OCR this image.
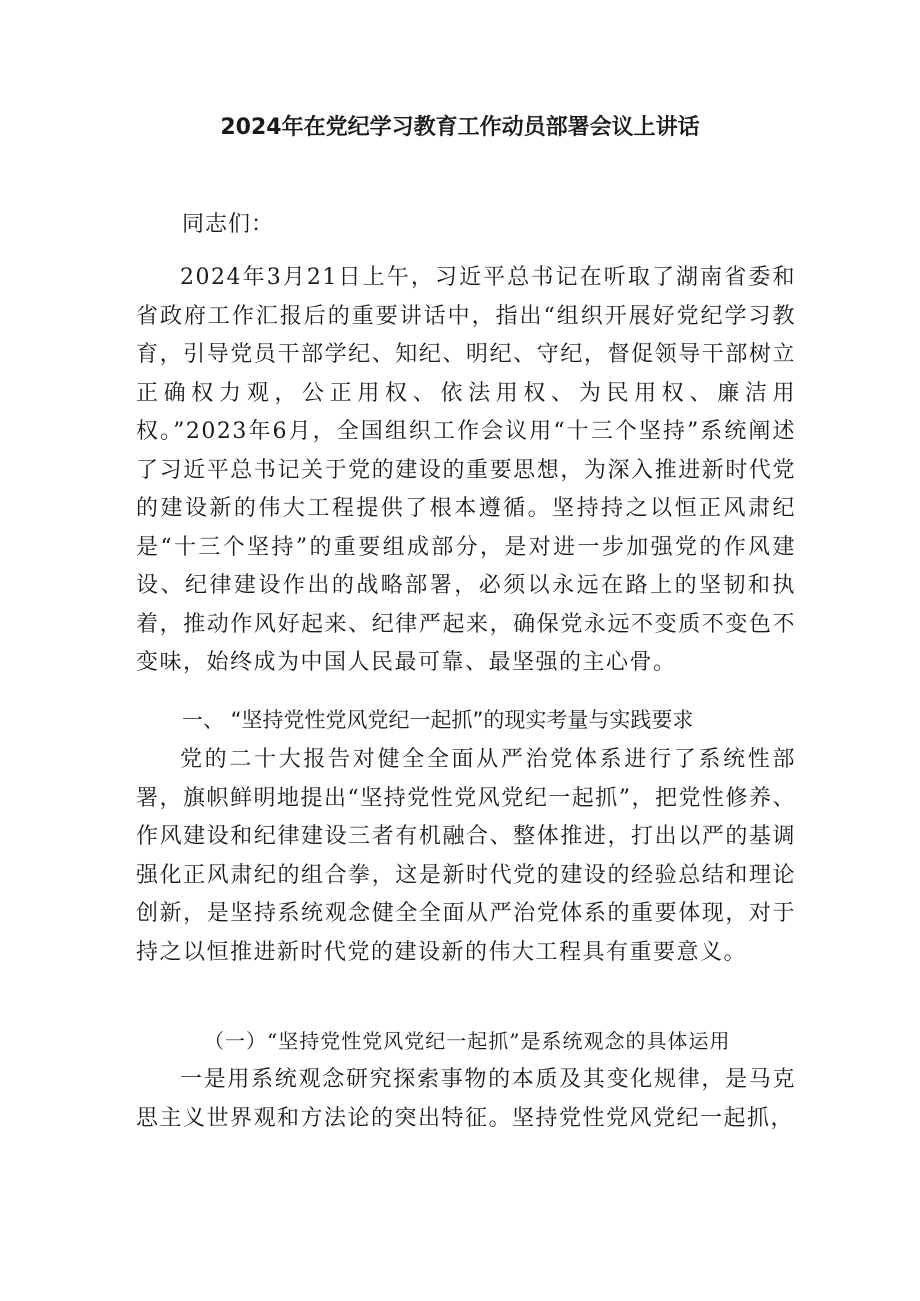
2024年在党纪学习教育工作动员部署会议上讲话
同志们：
2024年3月21日上午，习近平总书记在听取了湖南省委和省政府工作汇报后的重要讲话中，指出“组织开展好党纪学习教育，引导党员干部学纪、知纪、明纪、守纪，督促领导干部树立正确权力观，公正用权、依法用权、为民用权、廉洁用权。”2023年6月，全国组织工作会议用“十三个坚持”系统阐述了习近平总书记关于党的建设的重要思想，为深入推进新时代党的建设新的伟大工程提供了根本遵循。坚持持之以恒正风肃纪是“十三个坚持”的重要组成部分，是对进一步加强党的作风建设、纪律建设作出的战略部署，必须以永远在路上的坚韧和执着，推动作风好起来、纪律严起来，确保党永远不变质不变色不变味，始终成为中国人民最可靠、最坚强的主心骨。
一、 “坚持党性党风党纪一起抓”的现实考量与实践要求
党的二十大报告对健全全面从严治党体系进行了系统性部署，旗帜鲜明地提出“坚持党性党风党纪一起抓”，把党性修养、作风建设和纪律建设三者有机融合、整体推进，打出以严的基调强化正风肃纪的组合拳，这是新时代党的建设的经验总结和理论创新，是坚持系统观念健全全面从严治党体系的重要体现，对于持之以恒推进新时代党的建设新的伟大工程具有重要意义。
（一）“坚持党性党风党纪一起抓”是系统观念的具体运用
一是用系统观念研究探索事物的本质及其变化规律，是马克思主义世界观和方法论的突出特征。坚持党性党风党纪一起抓，
